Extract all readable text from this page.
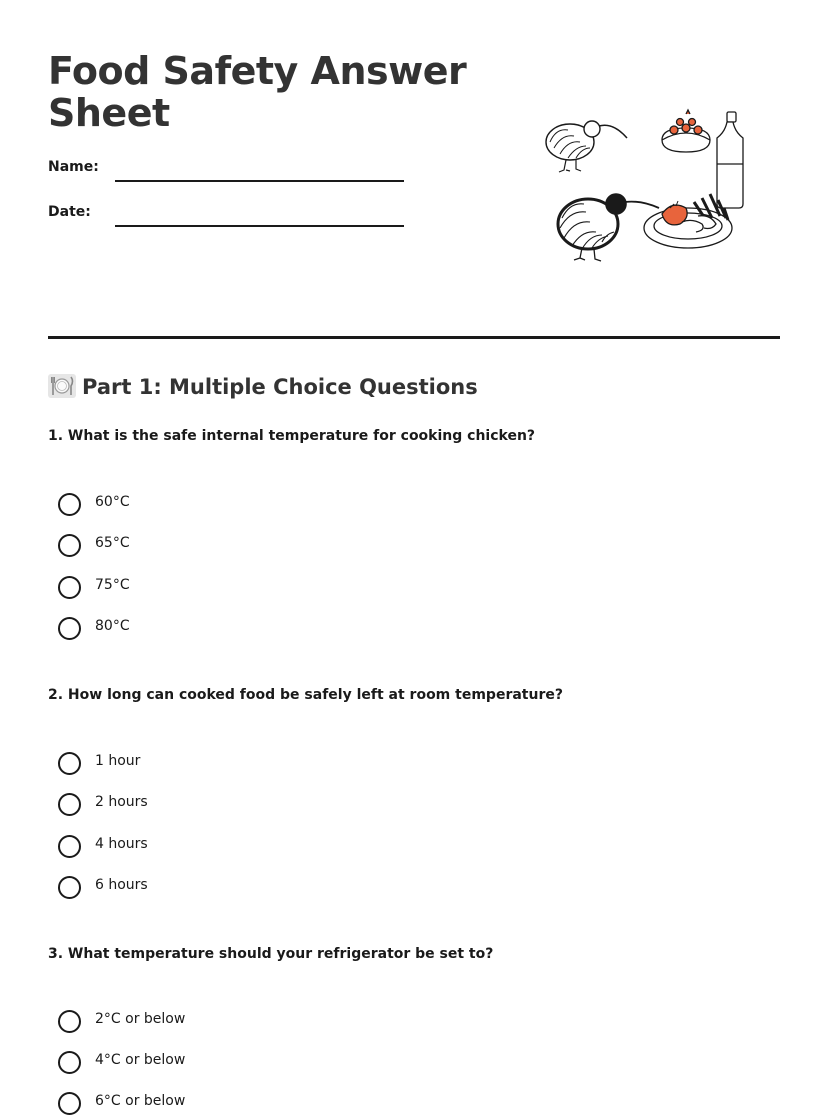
Food Safety Answer Sheet
Name:
Date:
Part 1: Multiple Choice Questions

1. What is the safe internal temperature for cooking chicken?

60°C
65°C
75°C
80°C

2. How long can cooked food be safely left at room temperature?

1 hour
2 hours
4 hours
6 hours

3. What temperature should your refrigerator be set to?

2°C or below
4°C or below
6°C or below
